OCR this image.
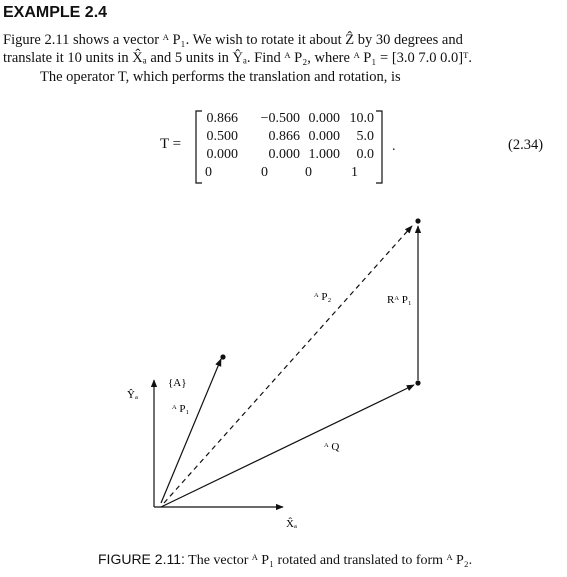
EXAMPLE 2.4
Figure 2.11 shows a vector ᴬ P₁. We wish to rotate it about Ẑ by 30 degrees and
translate it 10 units in X̂ₐ and 5 units in Ŷₐ. Find ᴬ P₂, where ᴬ P₁ = [3.0 7.0 0.0]ᵀ.
The operator T, which performs the translation and rotation, is
T =
0.866	−0.500 0.000 10.0
0.500	0.866 0.000	5.0
0.000	0.000 1.000	0.0
0	0	0	1
.	(2.34)
Ŷₐ
{A}
ᴬ P₁
ᴬ P₂	Rᴬ P₁
ᴬ Q
X̂ₐ
FIGURE 2.11: The vector ᴬ P₁ rotated and translated to form ᴬ P₂.
